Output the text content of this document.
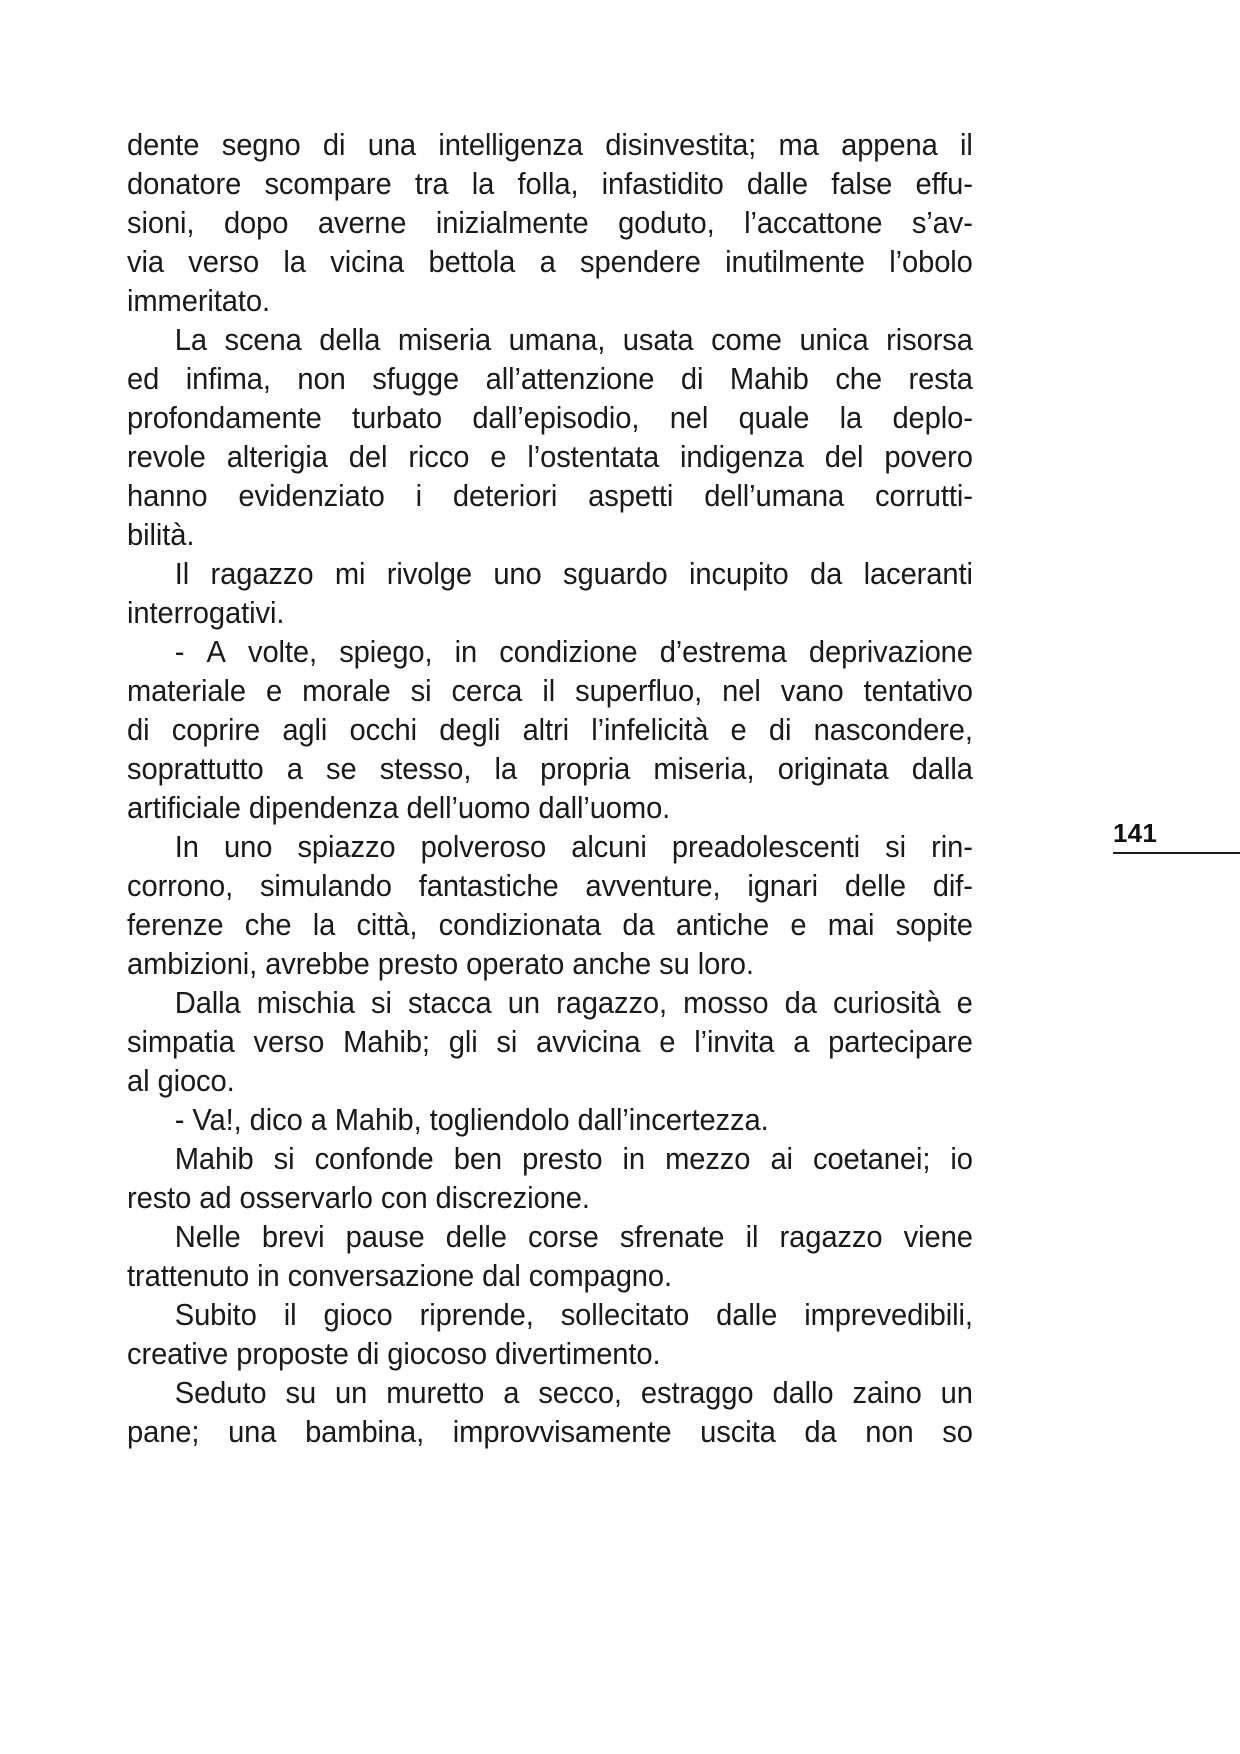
dente segno di una intelligenza disinvestita; ma appena il
donatore scompare tra la folla, infastidito dalle false effu-
sioni, dopo averne inizialmente goduto, l’accattone s’av-
via verso la vicina bettola a spendere inutilmente l’obolo
immeritato.
La scena della miseria umana, usata come unica risorsa
ed infima, non sfugge all’attenzione di Mahib che resta
profondamente turbato dall’episodio, nel quale la deplo-
revole alterigia del ricco e l’ostentata indigenza del povero
hanno evidenziato i deteriori aspetti dell’umana corrutti-
bilità.
Il ragazzo mi rivolge uno sguardo incupito da laceranti
interrogativi.
- A volte, spiego, in condizione d’estrema deprivazione
materiale e morale si cerca il superfluo, nel vano tentativo
di coprire agli occhi degli altri l’infelicità e di nascondere,
soprattutto a se stesso, la propria miseria, originata dalla
artificiale dipendenza dell’uomo dall’uomo.
In uno spiazzo polveroso alcuni preadolescenti si rin-
corrono, simulando fantastiche avventure, ignari delle dif-
ferenze che la città, condizionata da antiche e mai sopite
ambizioni, avrebbe presto operato anche su loro.
Dalla mischia si stacca un ragazzo, mosso da curiosità e
simpatia verso Mahib; gli si avvicina e l’invita a partecipare
al gioco.
- Va!, dico a Mahib, togliendolo dall’incertezza.
Mahib si confonde ben presto in mezzo ai coetanei; io
resto ad osservarlo con discrezione.
Nelle brevi pause delle corse sfrenate il ragazzo viene
trattenuto in conversazione dal compagno.
Subito il gioco riprende, sollecitato dalle imprevedibili,
creative proposte di giocoso divertimento.
Seduto su un muretto a secco, estraggo dallo zaino un
pane; una bambina, improvvisamente uscita da non so
141
